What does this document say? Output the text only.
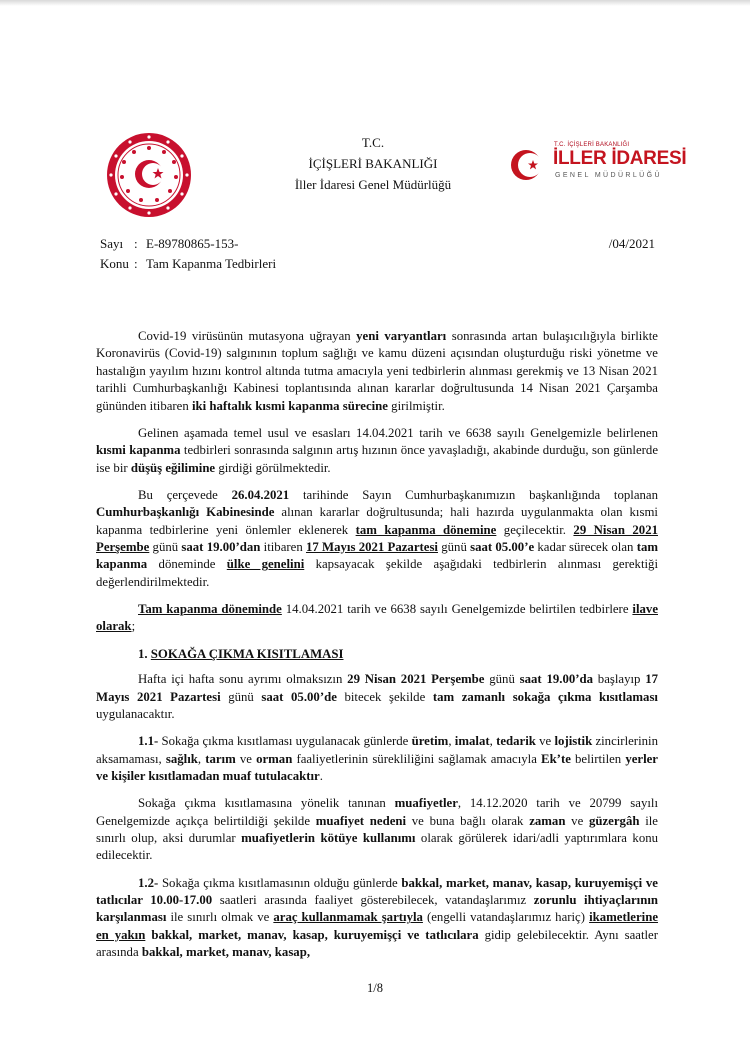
T.C.
İÇİŞLERİ BAKANLIĞI
İller İdaresi Genel Müdürlüğü
T.C. İÇİŞLERİ BAKANLIĞI
İLLER İDARESİ
GENEL MÜDÜRLÜĞÜ
Sayı : E-89780865-153-	/04/2021
Konu : Tam Kapanma Tedbirleri

Covid-19 virüsünün mutasyona uğrayan yeni varyantları sonrasında artan bulaşıcılığıyla birlikte Koronavirüs (Covid-19) salgınının toplum sağlığı ve kamu düzeni açısından oluşturduğu riski yönetme ve hastalığın yayılım hızını kontrol altında tutma amacıyla yeni tedbirlerin alınması gerekmiş ve 13 Nisan 2021 tarihli Cumhurbaşkanlığı Kabinesi toplantısında alınan kararlar doğrultusunda 14 Nisan 2021 Çarşamba gününden itibaren iki haftalık kısmi kapanma sürecine girilmiştir.

Gelinen aşamada temel usul ve esasları 14.04.2021 tarih ve 6638 sayılı Genelgemizle belirlenen kısmi kapanma tedbirleri sonrasında salgının artış hızının önce yavaşladığı, akabinde durduğu, son günlerde ise bir düşüş eğilimine girdiği görülmektedir.

Bu çerçevede 26.04.2021 tarihinde Sayın Cumhurbaşkanımızın başkanlığında toplanan Cumhurbaşkanlığı Kabinesinde alınan kararlar doğrultusunda; hali hazırda uygulanmakta olan kısmi kapanma tedbirlerine yeni önlemler eklenerek tam kapanma dönemine geçilecektir. 29 Nisan 2021 Perşembe günü saat 19.00’dan itibaren 17 Mayıs 2021 Pazartesi günü saat 05.00’e kadar sürecek olan tam kapanma döneminde ülke genelini kapsayacak şekilde aşağıdaki tedbirlerin alınması gerektiği değerlendirilmektedir.

Tam kapanma döneminde 14.04.2021 tarih ve 6638 sayılı Genelgemizde belirtilen tedbirlere ilave olarak;

1. SOKAĞA ÇIKMA KISITLAMASI

Hafta içi hafta sonu ayrımı olmaksızın 29 Nisan 2021 Perşembe günü saat 19.00’da başlayıp 17 Mayıs 2021 Pazartesi günü saat 05.00’de bitecek şekilde tam zamanlı sokağa çıkma kısıtlaması uygulanacaktır.

1.1- Sokağa çıkma kısıtlaması uygulanacak günlerde üretim, imalat, tedarik ve lojistik zincirlerinin aksamaması, sağlık, tarım ve orman faaliyetlerinin sürekliliğini sağlamak amacıyla Ek’te belirtilen yerler ve kişiler kısıtlamadan muaf tutulacaktır.

Sokağa çıkma kısıtlamasına yönelik tanınan muafiyetler, 14.12.2020 tarih ve 20799 sayılı Genelgemizde açıkça belirtildiği şekilde muafiyet nedeni ve buna bağlı olarak zaman ve güzergâh ile sınırlı olup, aksi durumlar muafiyetlerin kötüye kullanımı olarak görülerek idari/adli yaptırımlara konu edilecektir.

1.2- Sokağa çıkma kısıtlamasının olduğu günlerde bakkal, market, manav, kasap, kuruyemişçi ve tatlıcılar 10.00-17.00 saatleri arasında faaliyet gösterebilecek, vatandaşlarımız zorunlu ihtiyaçlarının karşılanması ile sınırlı olmak ve araç kullanmamak şartıyla (engelli vatandaşlarımız hariç) ikametlerine en yakın bakkal, market, manav, kasap, kuruyemişçi ve tatlıcılara gidip gelebilecektir. Aynı saatler arasında bakkal, market, manav, kasap,

1/8
